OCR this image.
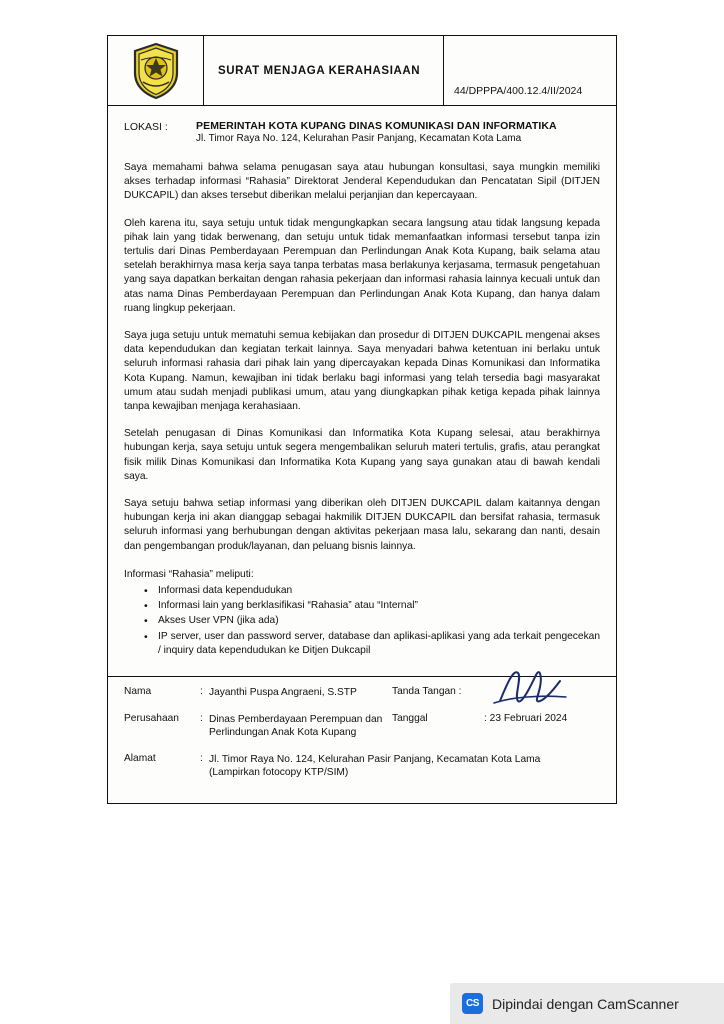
SURAT MENJAGA KERAHASIAAN
44/DPPPA/400.12.4/II/2024
LOKASI :	PEMERINTAH KOTA KUPANG DINAS KOMUNIKASI DAN INFORMATIKA
Jl. Timor Raya No. 124, Kelurahan Pasir Panjang, Kecamatan Kota Lama

Saya memahami bahwa selama penugasan saya atau hubungan konsultasi, saya mungkin memiliki akses terhadap informasi “Rahasia” Direktorat Jenderal Kependudukan dan Pencatatan Sipil (DITJEN DUKCAPIL) dan akses tersebut diberikan melalui perjanjian dan kepercayaan.

Oleh karena itu, saya setuju untuk tidak mengungkapkan secara langsung atau tidak langsung kepada pihak lain yang tidak berwenang, dan setuju untuk tidak memanfaatkan informasi tersebut tanpa izin tertulis dari Dinas Pemberdayaan Perempuan dan Perlindungan Anak Kota Kupang, baik selama atau setelah berakhirnya masa kerja saya tanpa terbatas masa berlakunya kerjasama, termasuk pengetahuan yang saya dapatkan berkaitan dengan rahasia pekerjaan dan informasi rahasia lainnya kecuali untuk dan atas nama Dinas Pemberdayaan Perempuan dan Perlindungan Anak Kota Kupang, dan hanya dalam ruang lingkup pekerjaan.

Saya juga setuju untuk mematuhi semua kebijakan dan prosedur di DITJEN DUKCAPIL mengenai akses data kependudukan dan kegiatan terkait lainnya. Saya menyadari bahwa ketentuan ini berlaku untuk seluruh informasi rahasia dari pihak lain yang dipercayakan kepada Dinas Komunikasi dan Informatika Kota Kupang. Namun, kewajiban ini tidak berlaku bagi informasi yang telah tersedia bagi masyarakat umum atau sudah menjadi publikasi umum, atau yang diungkapkan pihak ketiga kepada pihak lainnya tanpa kewajiban menjaga kerahasiaan.

Setelah penugasan di Dinas Komunikasi dan Informatika Kota Kupang selesai, atau berakhirnya hubungan kerja, saya setuju untuk segera mengembalikan seluruh materi tertulis, grafis, atau perangkat fisik milik Dinas Komunikasi dan Informatika Kota Kupang yang saya gunakan atau di bawah kendali saya.

Saya setuju bahwa setiap informasi yang diberikan oleh DITJEN DUKCAPIL dalam kaitannya dengan hubungan kerja ini akan dianggap sebagai hakmilik DITJEN DUKCAPIL dan bersifat rahasia, termasuk seluruh informasi yang berhubungan dengan aktivitas pekerjaan masa lalu, sekarang dan nanti, desain dan pengembangan produk/layanan, dan peluang bisnis lainnya.

Informasi “Rahasia” meliputi:
• Informasi data kependudukan
• Informasi lain yang berklasifikasi “Rahasia” atau “Internal”
• Akses User VPN (jika ada)
• IP server, user dan password server, database dan aplikasi-aplikasi yang ada terkait pengecekan / inquiry data kependudukan ke Ditjen Dukcapil
Nama	: Jayanthi Puspa Angraeni, S.STP	Tanda Tangan :
Perusahaan	: Dinas Pemberdayaan Perempuan dan
Perlindungan Anak Kota Kupang
Tanggal	: 23 Februari 2024
Alamat	: Jl. Timor Raya No. 124, Kelurahan Pasir Panjang, Kecamatan Kota Lama
(Lampirkan fotocopy KTP/SIM)
CS Dipindai dengan CamScanner
